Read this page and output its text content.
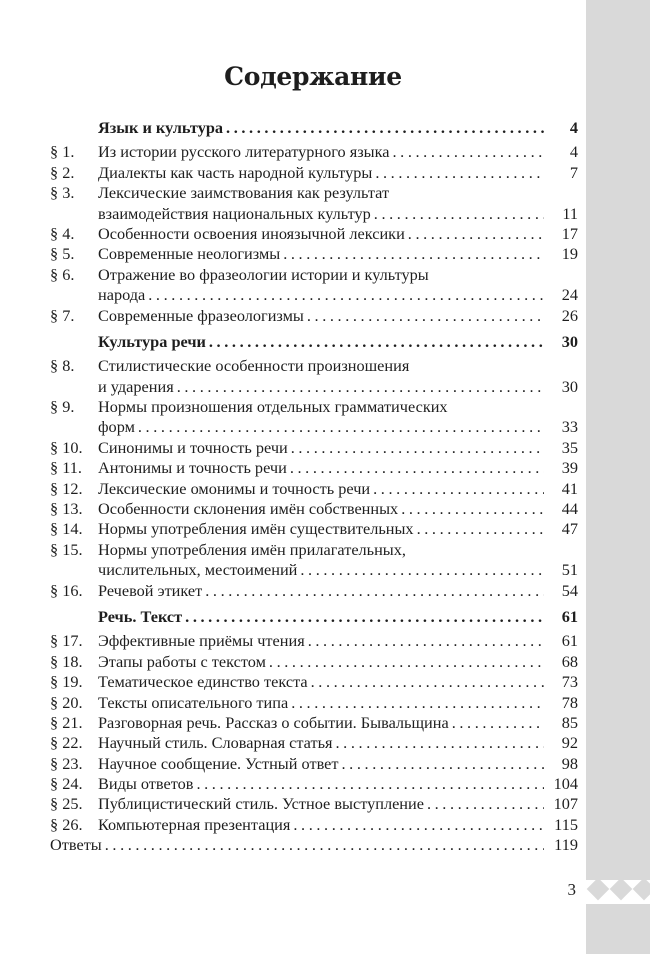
Содержание
Язык и культура .....	4
§ 1.	Из истории русского литературного языка .....	4
§ 2.	Диалекты как часть народной культуры .....	7
§ 3.	Лексические заимствования как результат
взаимодействия национальных культур .....	11
§ 4.	Особенности освоения иноязычной лексики .....	17
§ 5.	Современные неологизмы .....	19
§ 6.	Отражение во фразеологии истории и культуры
народа .....	24
§ 7.	Современные фразеологизмы .....	26
Культура речи .....	30
§ 8.	Стилистические особенности произношения
и ударения .....	30
§ 9.	Нормы произношения отдельных грамматических
форм .....	33
§ 10. Синонимы и точность речи .....	35
§ 11. Антонимы и точность речи .....	39
§ 12. Лексические омонимы и точность речи .....	41
§ 13. Особенности склонения имён собственных .....	44
§ 14. Нормы употребления имён существительных .....	47
§ 15. Нормы употребления имён прилагательных,
числительных, местоимений .....	51
§ 16. Речевой этикет .....	54
Речь. Текст .....	61
§ 17. Эффективные приёмы чтения .....	61
§ 18. Этапы работы с текстом .....	68
§ 19. Тематическое единство текста .....	73
§ 20. Тексты описательного типа .....	78
§ 21. Разговорная речь. Рассказ о событии. Бывальщина .....	85
§ 22. Научный стиль. Словарная статья .....	92
§ 23. Научное сообщение. Устный ответ .....	98
§ 24. Виды ответов .....	104
§ 25. Публицистический стиль. Устное выступление .....	107
§ 26. Компьютерная презентация .....	115
Ответы .....	119
3
